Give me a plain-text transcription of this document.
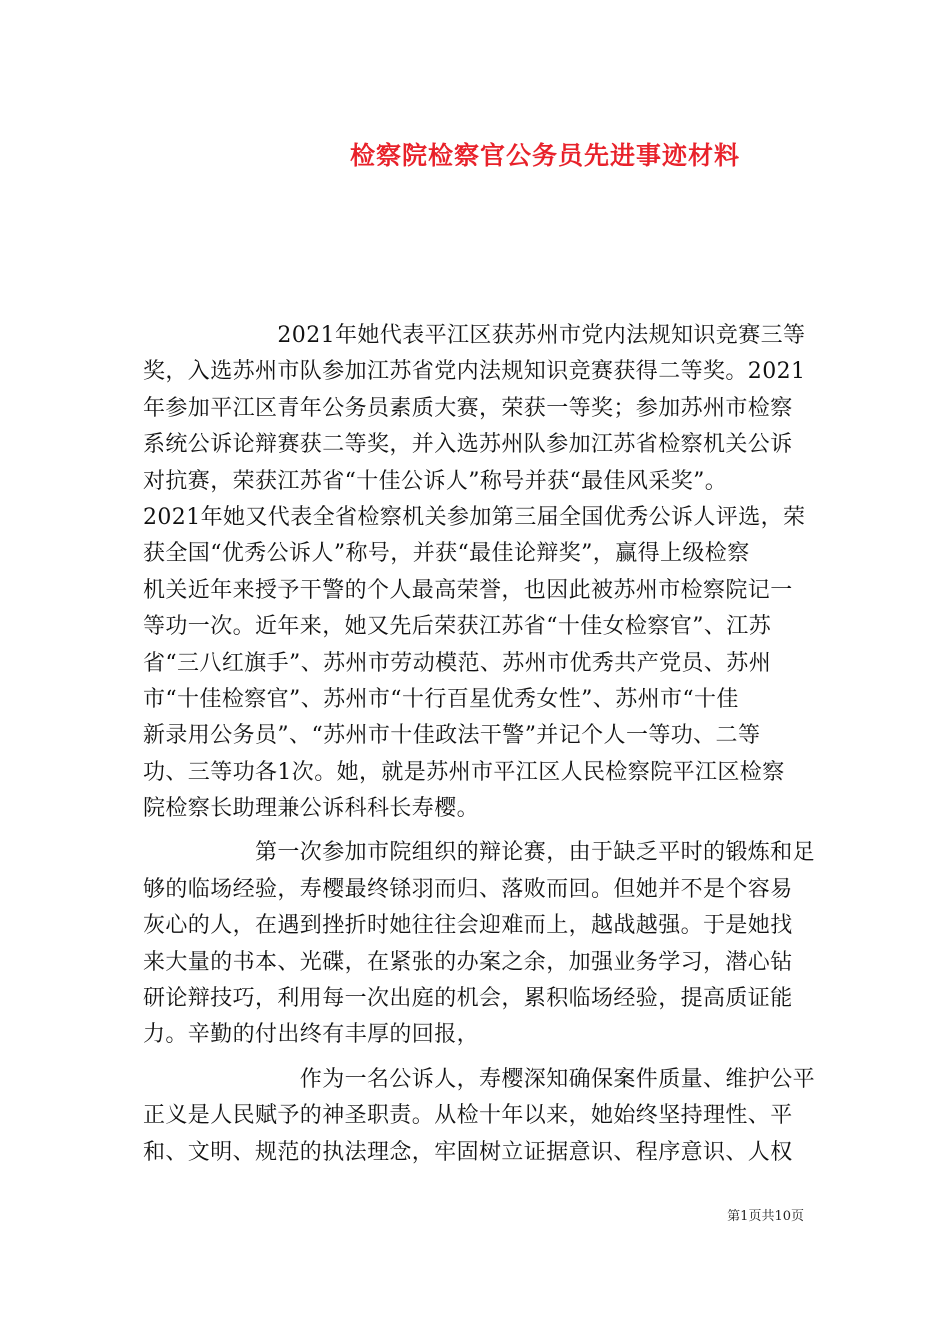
检察院检察官公务员先进事迹材料
　　　　　　2021年她代表平江区获苏州市党内法规知识竞赛三等
奖，入选苏州市队参加江苏省党内法规知识竞赛获得二等奖。2021
年参加平江区青年公务员素质大赛，荣获一等奖；参加苏州市检察
系统公诉论辩赛获二等奖，并入选苏州队参加江苏省检察机关公诉
对抗赛，荣获江苏省“十佳公诉人”称号并获“最佳风采奖”。
2021年她又代表全省检察机关参加第三届全国优秀公诉人评选，荣
获全国“优秀公诉人”称号，并获“最佳论辩奖”，赢得上级检察
机关近年来授予干警的个人最高荣誉，也因此被苏州市检察院记一
等功一次。近年来，她又先后荣获江苏省“十佳女检察官”、江苏
省“三八红旗手”、苏州市劳动模范、苏州市优秀共产党员、苏州
市“十佳检察官”、苏州市“十行百星优秀女性”、苏州市“十佳
新录用公务员”、“苏州市十佳政法干警”并记个人一等功、二等
功、三等功各1次。她，就是苏州市平江区人民检察院平江区检察
院检察长助理兼公诉科科长寿樱。
　　　　　第一次参加市院组织的辩论赛，由于缺乏平时的锻炼和足
够的临场经验，寿樱最终铩羽而归、落败而回。但她并不是个容易
灰心的人，在遇到挫折时她往往会迎难而上，越战越强。于是她找
来大量的书本、光碟，在紧张的办案之余，加强业务学习，潜心钻
研论辩技巧，利用每一次出庭的机会，累积临场经验，提高质证能
力。辛勤的付出终有丰厚的回报，
　　　　　　　作为一名公诉人，寿樱深知确保案件质量、维护公平
正义是人民赋予的神圣职责。从检十年以来，她始终坚持理性、平
和、文明、规范的执法理念，牢固树立证据意识、程序意识、人权
第1页共10页
